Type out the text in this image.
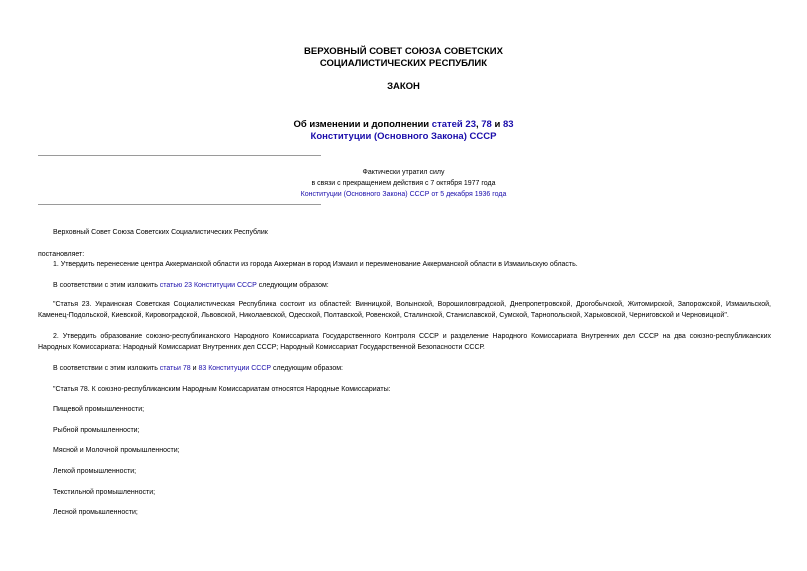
ВЕРХОВНЫЙ СОВЕТ СОЮЗА СОВЕТСКИХ
СОЦИАЛИСТИЧЕСКИХ РЕСПУБЛИК
ЗАКОН
Об изменении и дополнении статей 23, 78 и 83
Конституции (Основного Закона) СССР
Фактически утратил силу
в связи с прекращением действия с 7 октября 1977 года
Конституции (Основного Закона) СССР от 5 декабря 1936 года
Верховный Совет Союза Советских Социалистических Республик
постановляет:
1. Утвердить перенесение центра Аккерманской области из города Аккерман в город Измаил и переименование Аккерманской области в Измаильскую область.
В соответствии с этим изложить статью 23 Конституции СССР следующим образом:
"Статья 23. Украинская Советская Социалистическая Республика состоит из областей: Винницкой, Волынской, Ворошиловградской, Днепропетровской, Дрогобычской, Житомирской, Запорожской, Измаильской, Каменец-Подольской, Киевской, Кировоградской, Львовской, Николаевской, Одесской, Полтавской, Ровенской, Сталинской, Станиславской, Сумской, Тарнопольской, Харьковской, Черниговской и Черновицкой".
2. Утвердить образование союзно-республиканского Народного Комиссариата Государственного Контроля СССР и разделение Народного Комиссариата Внутренних дел СССР на два союзно-республиканских Народных Комиссариата: Народный Комиссариат Внутренних дел СССР; Народный Комиссариат Государственной Безопасности СССР.
В соответствии с этим изложить статьи 78 и 83 Конституции СССР следующим образом:
"Статья 78. К союзно-республиканским Народным Комиссариатам относятся Народные Комиссариаты:
Пищевой промышленности;
Рыбной промышленности;
Мясной и Молочной промышленности;
Легкой промышленности;
Текстильной промышленности;
Лесной промышленности;
